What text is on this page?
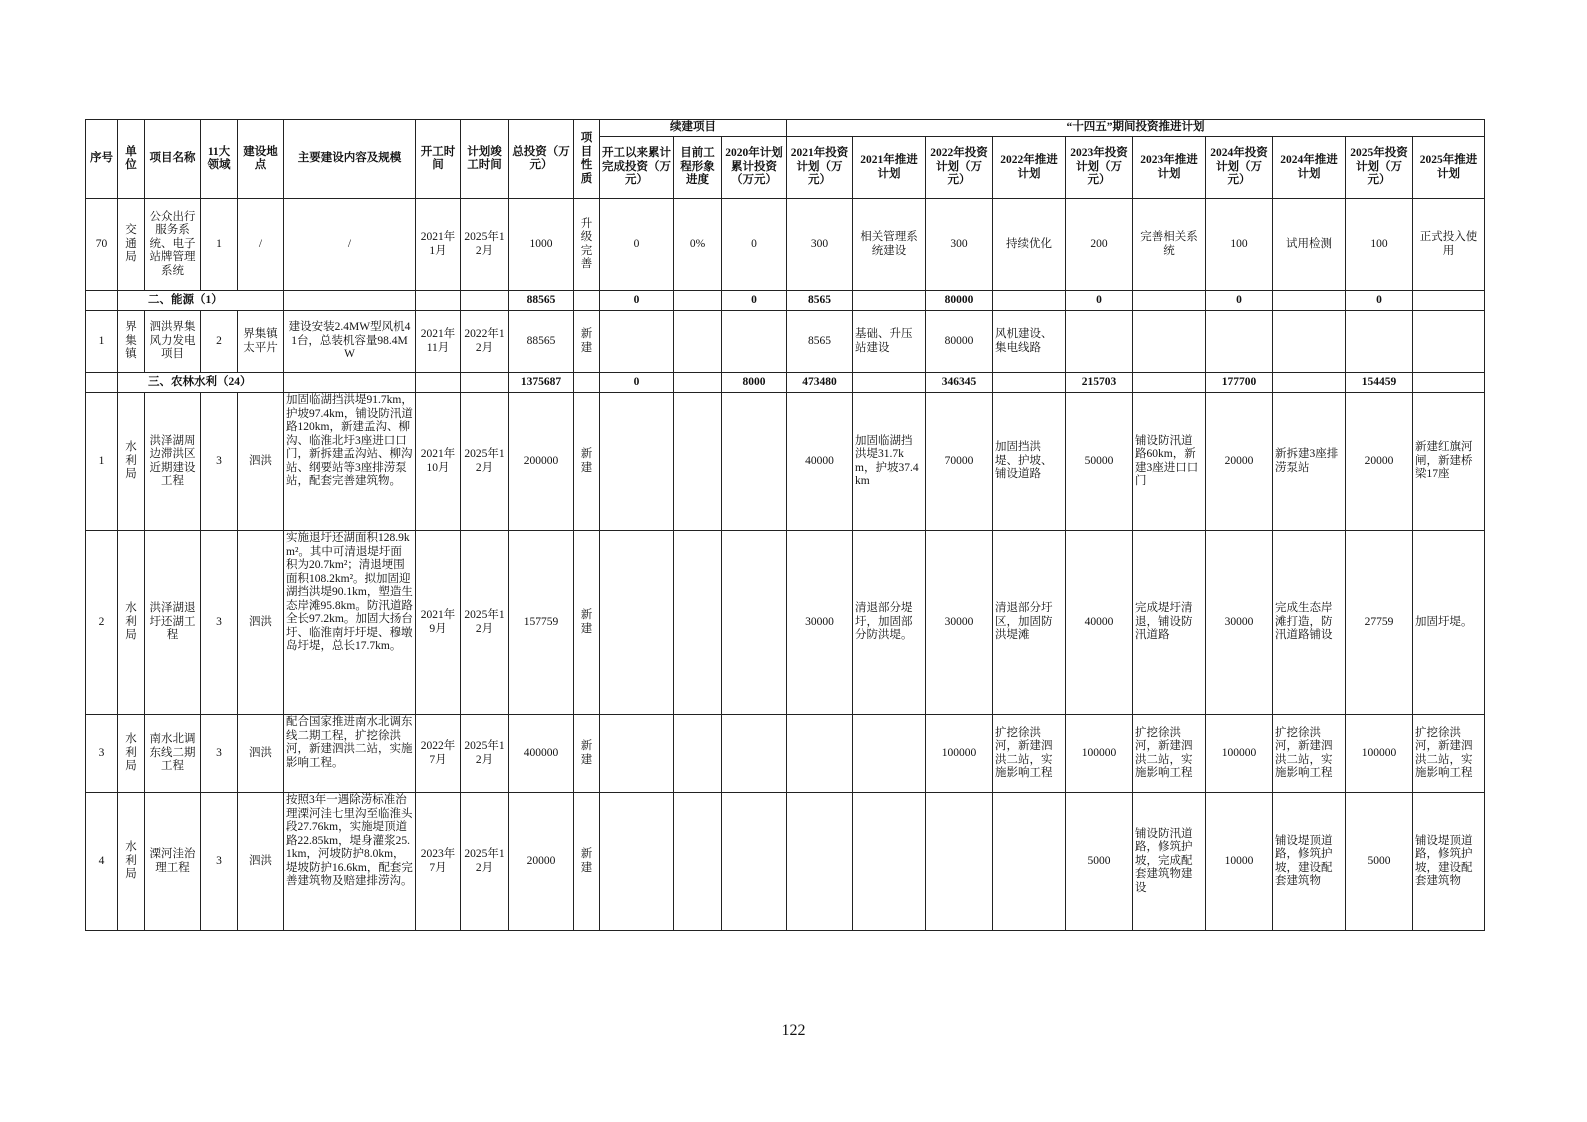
序号	单位	项目名称	11大领域	建设地点	主要建设内容及规模	开工时间	计划竣工时间	总投资（万元）	项目性质	续建项目			“十四五”期间投资推进计划									
										开工以来累计完成投资（万元）	目前工程形象进度	2020年计划累计投资（万元）	2021年投资计划（万元）	2021年推进计划	2022年投资计划（万元）	2022年推进计划	2023年投资计划（万元）	2023年推进计划	2024年投资计划（万元）	2024年推进计划	2025年投资计划（万元）	2025年推进计划
70	交通局	公众出行服务系统、电子站牌管理系统	1	/	/	2021年1月	2025年12月	1000	升级完善	0	0%	0	300	相关管理系统建设	300	持续优化	200	完善相关系统	100	试用检测	100	正式投入使用
	二、能源（1）							88565		0		0	8565		80000		0		0		0	
1	界集镇	泗洪界集风力发电项目	2	界集镇太平片	建设安装2.4MW型风机41台，总装机容量98.4MW	2021年11月	2022年12月	88565	新建				8565	基础、升压站建设	80000	风机建设、集电线路						
	三、农林水利（24）							1375687		0		8000	473480		346345		215703		177700		154459	
1	水利局	洪泽湖周边滞洪区近期建设工程	3	泗洪	加固临湖挡洪堤91.7km，护坡97.4km，铺设防汛道路120km，新建孟沟、柳沟、临淮北圩3座进口口门，新拆建孟沟站、柳沟站、纲要站等3座排涝泵站，配套完善建筑物。	2021年10月	2025年12月	200000	新建				40000	加固临湖挡洪堤31.7km，护坡37.4km	70000	加固挡洪堤、护坡、铺设道路	50000	铺设防汛道路60km，新建3座进口口门	20000	新拆建3座排涝泵站	20000	新建红旗河闸，新建桥梁17座
2	水利局	洪泽湖退圩还湖工程	3	泗洪	实施退圩还湖面积128.9km²。其中可清退堤圩面积为20.7km²；清退埂围面积108.2km²。拟加固迎湖挡洪堤90.1km，塑造生态岸滩95.8km。防汛道路全长97.2km。加固大扬台圩、临淮南圩圩堤、穆墩岛圩堤，总长17.7km。	2021年9月	2025年12月	157759	新建				30000	清退部分堤圩，加固部分防洪堤。	30000	清退部分圩区，加固防洪堤滩	40000	完成堤圩清退，铺设防汛道路	30000	完成生态岸滩打造，防汛道路铺设	27759	加固圩堤。
3	水利局	南水北调东线二期工程	3	泗洪	配合国家推进南水北调东线二期工程，扩挖徐洪河，新建泗洪二站，实施影响工程。	2022年7月	2025年12月	400000	新建						100000	扩挖徐洪河，新建泗洪二站，实施影响工程	100000	扩挖徐洪河，新建泗洪二站，实施影响工程	100000	扩挖徐洪河，新建泗洪二站，实施影响工程	100000	扩挖徐洪河，新建泗洪二站，实施影响工程
4	水利局	溧河洼治理工程	3	泗洪	按照3年一遇除涝标准治理溧河洼七里沟至临淮头段27.76km，实施堤顶道路22.85km，堤身灌浆25.1km，河坡防护8.0km，堤坡防护16.6km，配套完善建筑物及赔建排涝沟。	2023年7月	2025年12月	20000	新建								5000	铺设防汛道路，修筑护坡，完成配套建筑物建设	10000	铺设堤顶道路，修筑护坡，建设配套建筑物	5000	铺设堤顶道路，修筑护坡，建设配套建筑物
122
